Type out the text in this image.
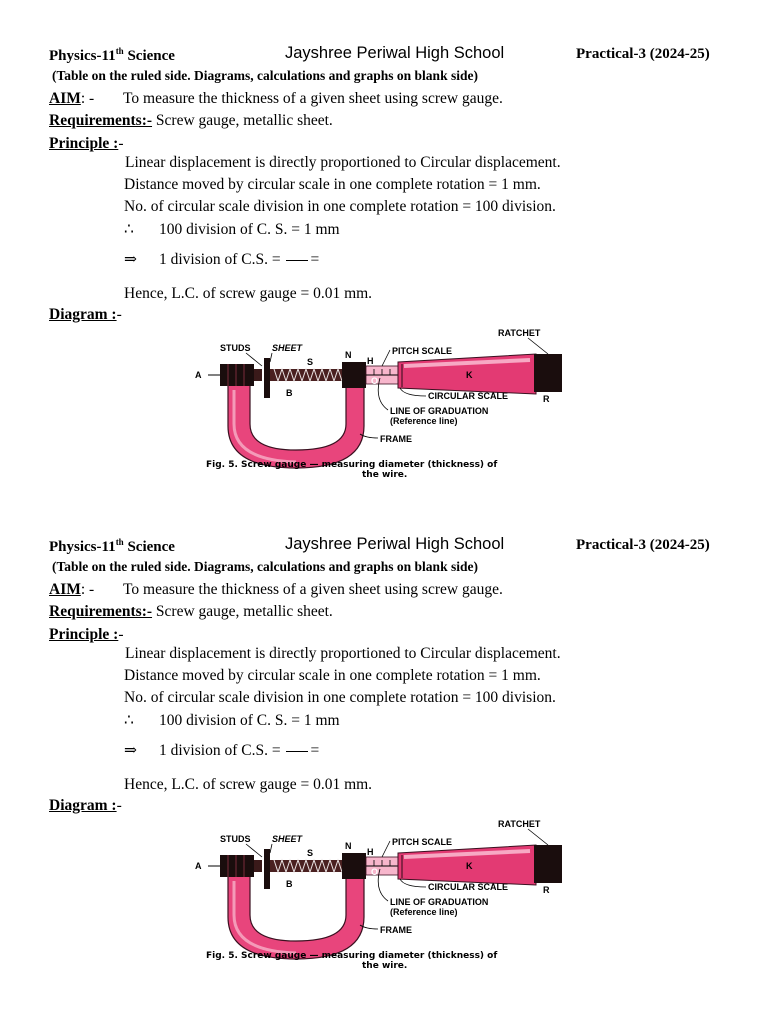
Physics-11th Science	Jayshree Periwal High School	Practical-3 (2024-25)
(Table on the ruled side. Diagrams, calculations and graphs on blank side)
AIM: - To measure the thickness of a given sheet using screw gauge.
Requirements:- Screw gauge, metallic sheet.
Principle :-
Linear displacement is directly proportioned to Circular displacement.
Distance moved by circular scale in one complete rotation = 1 mm.
No. of circular scale division in one complete rotation = 100 division.
∴ 100 division of C. S. = 1 mm
⇒ 1 division of C.S. = =
Hence, L.C. of screw gauge = 0.01 mm.
Diagram :-
STUDS SHEET
S
N
H
PITCH SCALE
RATCHET
A
B
K
R
O
CIRCULAR SCALE
LINE OF GRADUATION
(Reference line)
FRAME
M
Fig. 5. Screw gauge — measuring diameter (thickness) of
the wire.
Physics-11th Science	Jayshree Periwal High School	Practical-3 (2024-25)
(Table on the ruled side. Diagrams, calculations and graphs on blank side)
AIM: - To measure the thickness of a given sheet using screw gauge.
Requirements:- Screw gauge, metallic sheet.
Principle :-
Linear displacement is directly proportioned to Circular displacement.
Distance moved by circular scale in one complete rotation = 1 mm.
No. of circular scale division in one complete rotation = 100 division.
∴ 100 division of C. S. = 1 mm
⇒ 1 division of C.S. = =
Hence, L.C. of screw gauge = 0.01 mm.
Diagram :-
STUDS SHEET
S
N
H
PITCH SCALE
RATCHET
A
B
K
R
O
CIRCULAR SCALE
LINE OF GRADUATION
(Reference line)
FRAME
M
Fig. 5. Screw gauge — measuring diameter (thickness) of
the wire.
